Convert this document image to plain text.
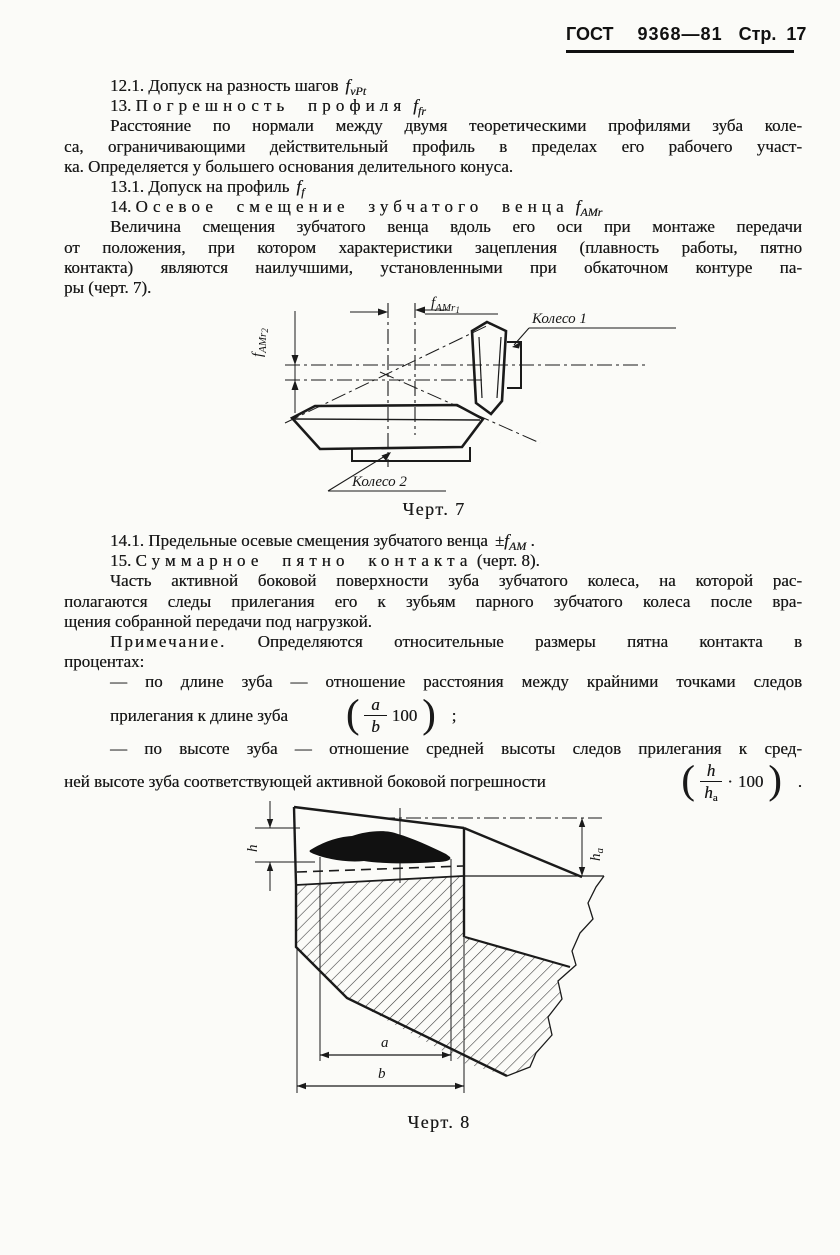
ГОСТ 9368—81 Стр. 17
12.1. Допуск на разность шагов $f_{vPt}$
13. Погрешность профиля $f_{fr}$
Расстояние по нормали между двумя теоретическими профилями зуба коле-
са, ограничивающими действительный профиль в пределах его рабочего участ-
ка. Определяется у большего основания делительного конуса.
13.1. Допуск на профиль $f_f$
14. Осевое смещение зубчатого венца $f_{AMr}$
Величина смещения зубчатого венца вдоль его оси при монтаже передачи
от положения, при котором характеристики зацепления (плавность работы, пятно
контакта) являются наилучшими, установленными при обкаточном контуре па-
ры (черт. 7).
$f_{AMr}2$
$f_{AMr}1$
Колесо 1
Колесо 2
Черт. 7
14.1. Предельные осевые смещения зубчатого венца $\pm f_{AM}$ .
15. Суммарное пятно контакта (черт. 8).
Часть активной боковой поверхности зуба зубчатого колеса, на которой рас-
полагаются следы прилегания его к зубьям парного зубчатого колеса после вра-
щения собранной передачи под нагрузкой.
Примечание. Определяются относительные размеры пятна контакта в
процентах:
— по длине зуба — отношение расстояния между крайними точками следов
прилегания к длине зуба ( $\frac{a}{b} 100$ ) ;
— по высоте зуба — отношение средней высоты следов прилегания к сред-
ней высоте зуба соответствующей активной боковой погрешности	( $\frac{h}{h_a} \cdot 100$ ) .
h
$h_a$
a
b
Черт. 8
